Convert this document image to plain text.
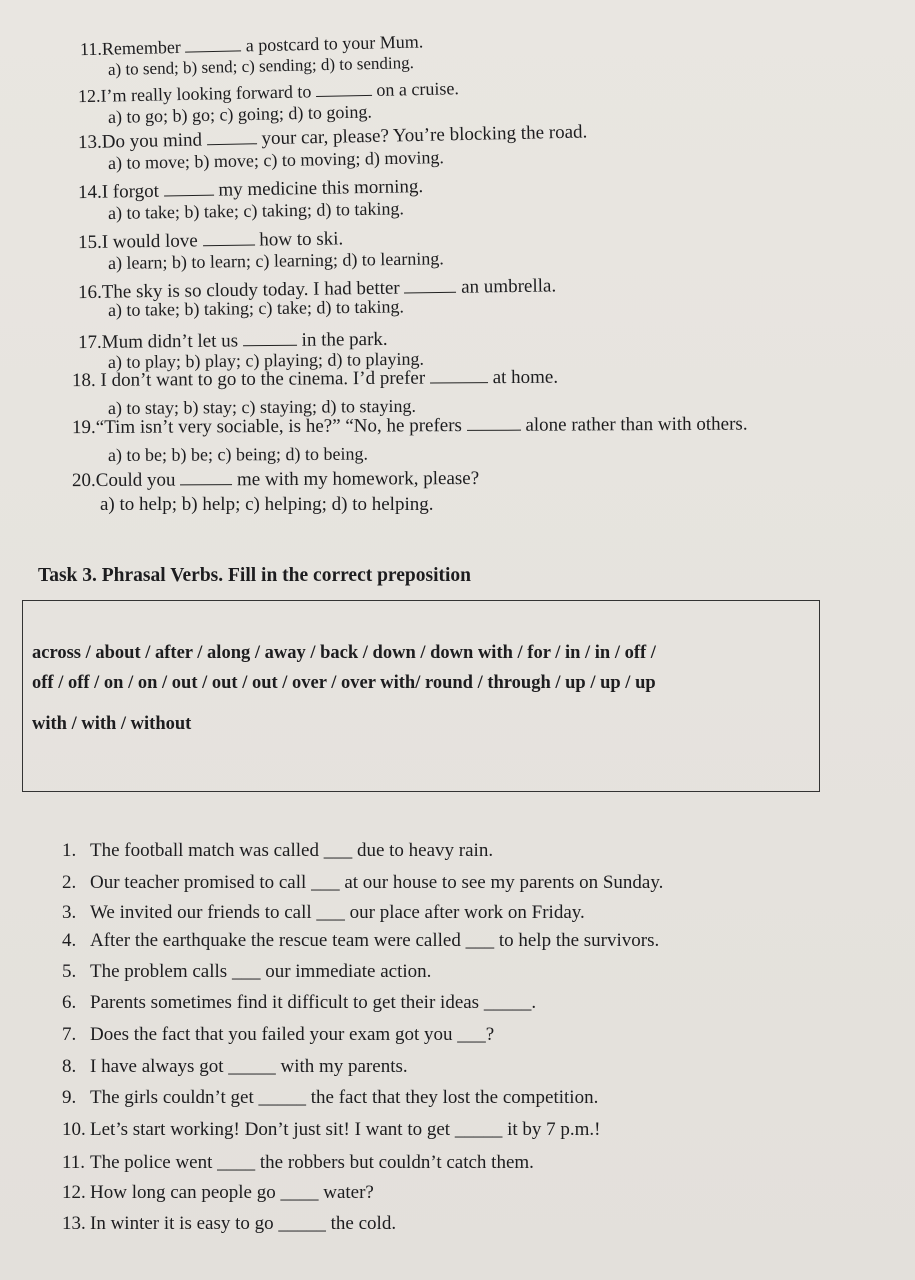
11.Remember	a postcard to your Mum.
a) to send; b) send; c) sending; d) to sending.
12.I’m really looking forward to	on a cruise.
a) to go; b) go; c) going; d) to going.
13.Do you mind	your car, please? You’re blocking the road.
a) to move; b) move; c) to moving; d) moving.
14.I forgot	my medicine this morning.
a) to take; b) take; c) taking; d) to taking.
15.I would love	how to ski.
a) learn; b) to learn; c) learning; d) to learning.
16.The sky is so cloudy today. I had better	an umbrella.
a) to take; b) taking; c) take; d) to taking.
17.Mum didn’t let us	in the park.
a) to play; b) play; c) playing; d) to playing.
18. I don’t want to go to the cinema. I’d prefer	at home.
a) to stay; b) stay; c) staying; d) to staying.
19.“Tim isn’t very sociable, is he?” “No, he prefers	alone rather than with others.
a) to be; b) be; c) being; d) to being.
20.Could you	me with my homework, please?
a) to help; b) help; c) helping; d) to helping.
Task 3. Phrasal Verbs. Fill in the correct preposition
across / about / after / along / away / back / down / down with / for / in / in / off /
off / off / on / on / out / out / out / over / over with/ round / through / up / up / up
with / with / without
1. The football match was called ___ due to heavy rain.
2. Our teacher promised to call ___ at our house to see my parents on Sunday.
3. We invited our friends to call ___ our place after work on Friday.
4. After the earthquake the rescue team were called ___ to help the survivors.
5. The problem calls ___ our immediate action.
6. Parents sometimes find it difficult to get their ideas _____.
7. Does the fact that you failed your exam got you ___?
8. I have always got _____ with my parents.
9. The girls couldn’t get _____ the fact that they lost the competition.
10. Let’s start working! Don’t just sit! I want to get _____ it by 7 p.m.!
11. The police went ____ the robbers but couldn’t catch them.
12. How long can people go ____ water?
13. In winter it is easy to go _____ the cold.
